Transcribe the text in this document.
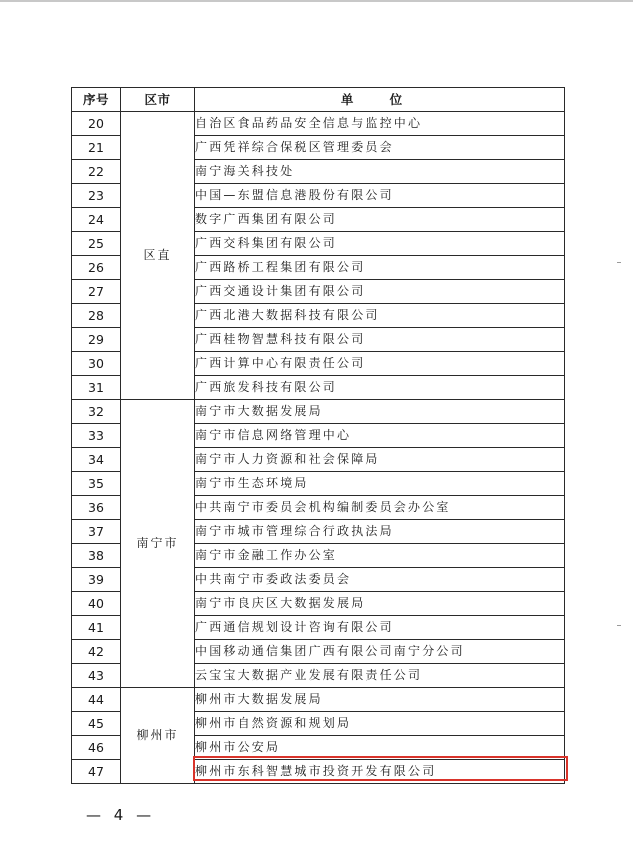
序号	区市	单 位
20	区直	自治区食品药品安全信息与监控中心
21		广西凭祥综合保税区管理委员会
22		南宁海关科技处
23		中国—东盟信息港股份有限公司
24		数字广西集团有限公司
25		广西交科集团有限公司
26		广西路桥工程集团有限公司
27		广西交通设计集团有限公司
28		广西北港大数据科技有限公司
29		广西桂物智慧科技有限公司
30		广西计算中心有限责任公司
31		广西旅发科技有限公司
32	南宁市	南宁市大数据发展局
33		南宁市信息网络管理中心
34		南宁市人力资源和社会保障局
35		南宁市生态环境局
36		中共南宁市委员会机构编制委员会办公室
37		南宁市城市管理综合行政执法局
38		南宁市金融工作办公室
39		中共南宁市委政法委员会
40		南宁市良庆区大数据发展局
41		广西通信规划设计咨询有限公司
42		中国移动通信集团广西有限公司南宁分公司
43		云宝宝大数据产业发展有限责任公司
44	柳州市	柳州市大数据发展局
45		柳州市自然资源和规划局
46		柳州市公安局
47		柳州市东科智慧城市投资开发有限公司
— 4 —
